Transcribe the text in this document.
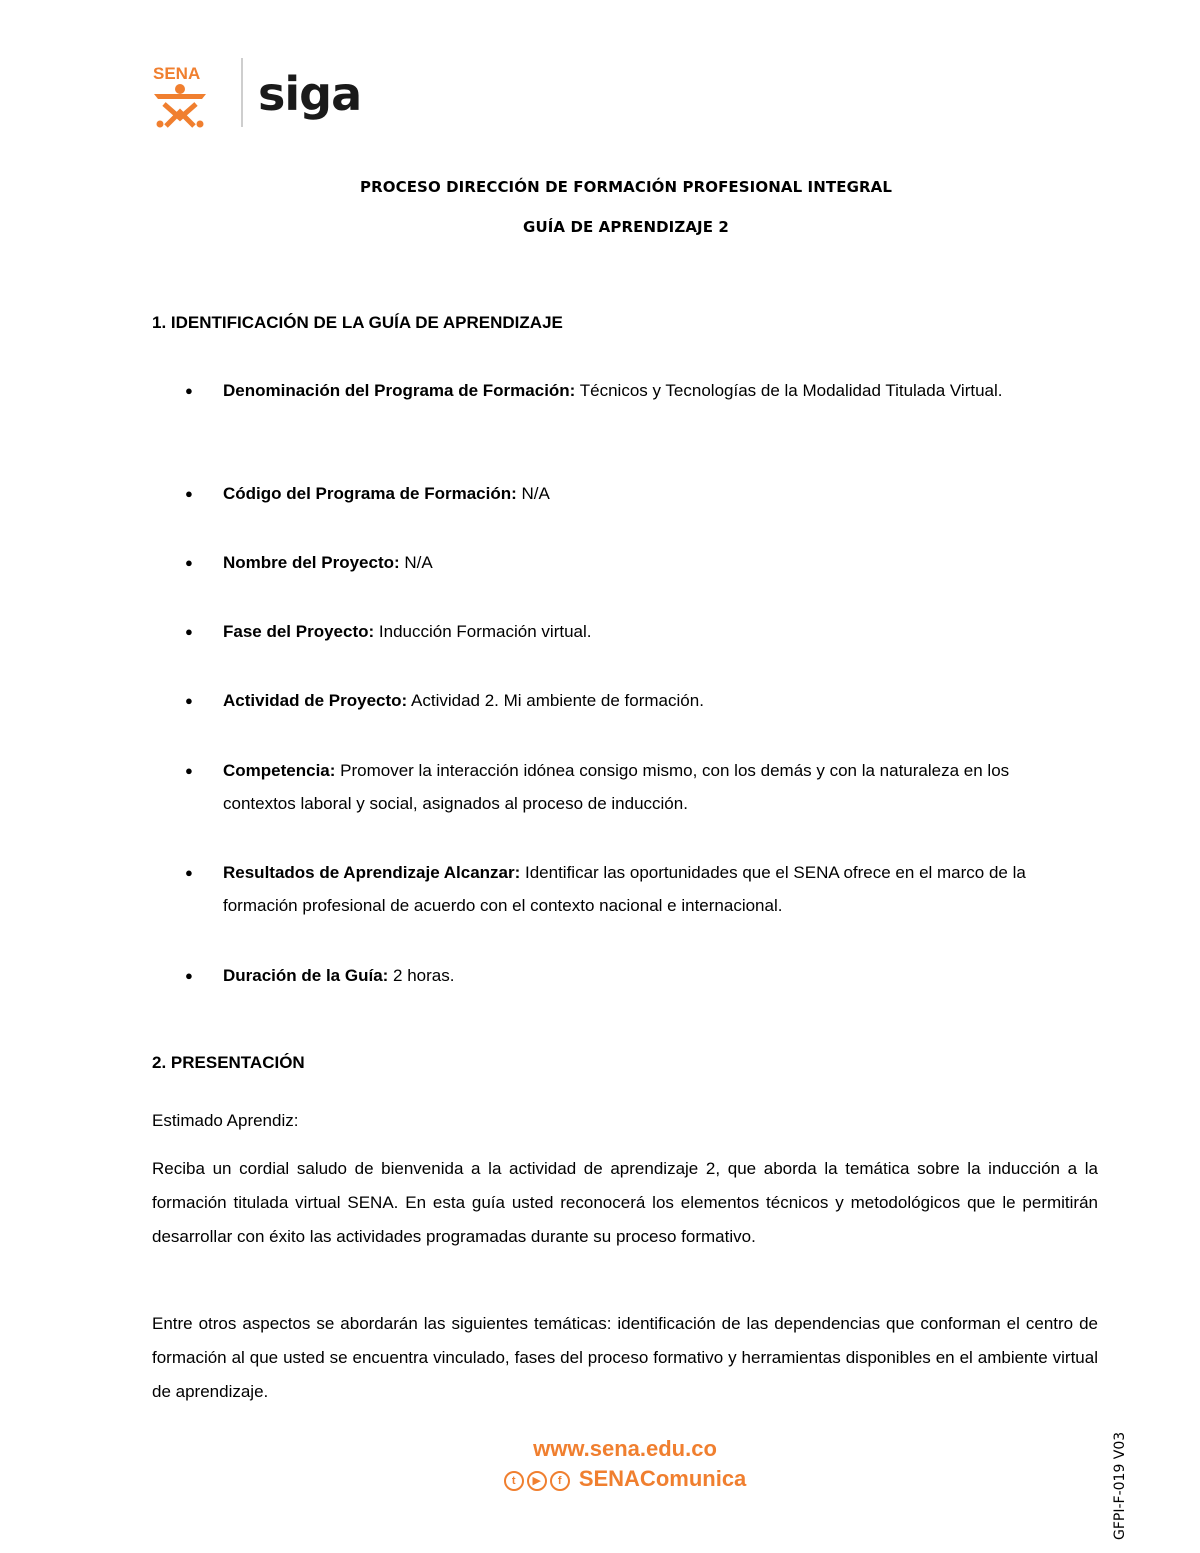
SENA siga
PROCESO DIRECCIÓN DE FORMACIÓN PROFESIONAL INTEGRAL
GUÍA DE APRENDIZAJE 2
1. IDENTIFICACIÓN DE LA GUÍA DE APRENDIZAJE
● Denominación del Programa de Formación: Técnicos y Tecnologías de la Modalidad Titulada Virtual.
● Código del Programa de Formación: N/A
● Nombre del Proyecto: N/A
● Fase del Proyecto: Inducción Formación virtual.
● Actividad de Proyecto: Actividad 2. Mi ambiente de formación.
● Competencia: Promover la interacción idónea consigo mismo, con los demás y con la naturaleza en los contextos laboral y social, asignados al proceso de inducción.
● Resultados de Aprendizaje Alcanzar: Identificar las oportunidades que el SENA ofrece en el marco de la formación profesional de acuerdo con el contexto nacional e internacional.
● Duración de la Guía: 2 horas.
2. PRESENTACIÓN
Estimado Aprendiz:
Reciba un cordial saludo de bienvenida a la actividad de aprendizaje 2, que aborda la temática sobre la inducción a la formación titulada virtual SENA. En esta guía usted reconocerá los elementos técnicos y metodológicos que le permitirán desarrollar con éxito las actividades programadas durante su proceso formativo.
Entre otros aspectos se abordarán las siguientes temáticas: identificación de las dependencias que conforman el centro de formación al que usted se encuentra vinculado, fases del proceso formativo y herramientas disponibles en el ambiente virtual de aprendizaje.
www.sena.edu.co
t ▶ f SENAComunica	GFPI-F-019 V03
